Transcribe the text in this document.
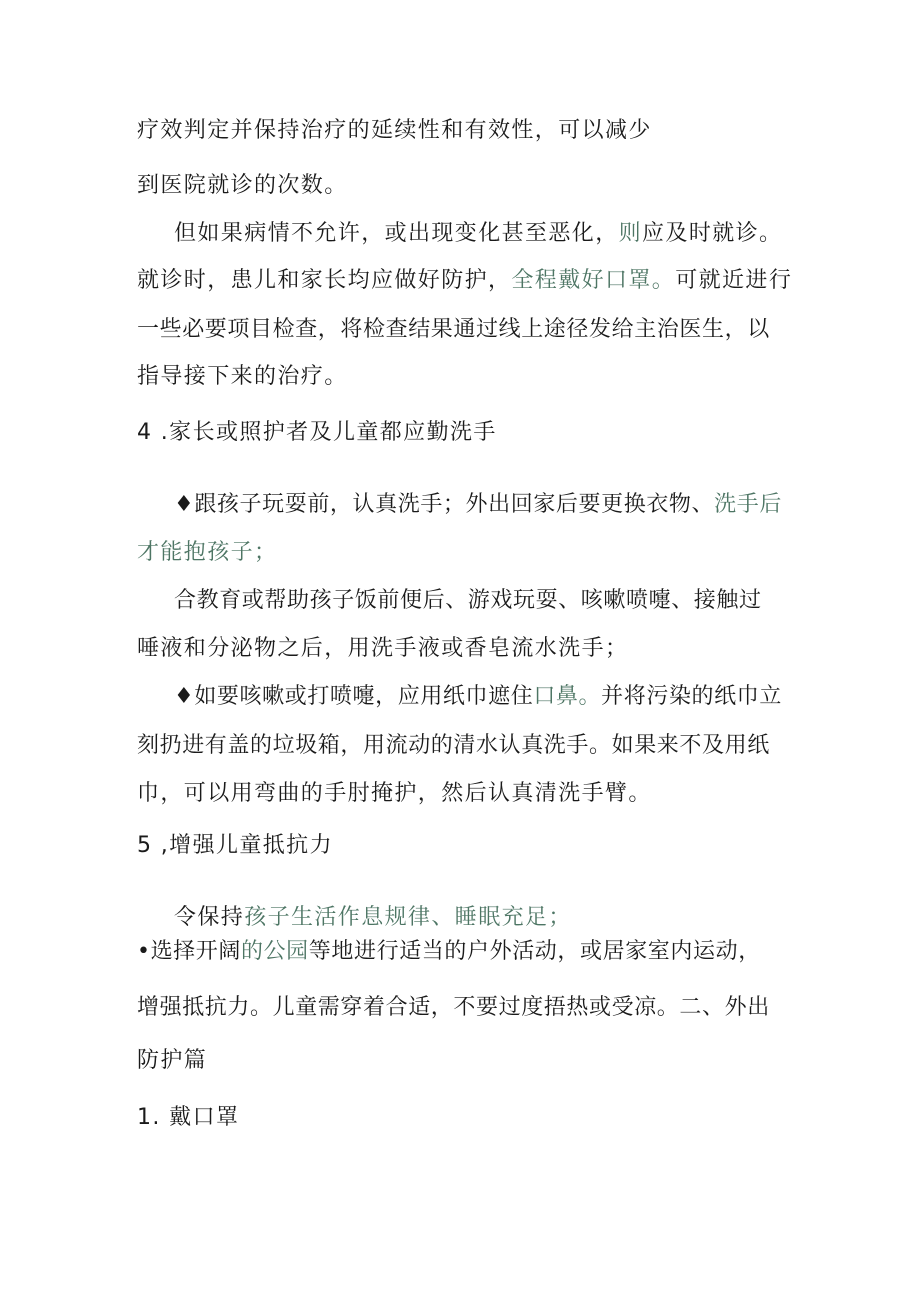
疗效判定并保持治疗的延续性和有效性，可以减少
到医院就诊的次数。
但如果病情不允许，或出现变化甚至恶化，则应及时就诊。
就诊时，患儿和家长均应做好防护，全程戴好口罩。可就近进行
一些必要项目检查，将检查结果通过线上途径发给主治医生，以
指导接下来的治疗。
4 .家长或照护者及儿童都应勤洗手
♦跟孩子玩耍前，认真洗手；外出回家后要更换衣物、洗手后
才能抱孩子；
合教育或帮助孩子饭前便后、游戏玩耍、咳嗽喷嚏、接触过
唾液和分泌物之后，用洗手液或香皂流水洗手；
♦如要咳嗽或打喷嚏，应用纸巾遮住口鼻。并将污染的纸巾立
刻扔进有盖的垃圾箱，用流动的清水认真洗手。如果来不及用纸
巾，可以用弯曲的手肘掩护，然后认真清洗手臂。
5 ,增强儿童抵抗力
令保持孩子生活作息规律、睡眠充足；
•选择开阔的公园等地进行适当的户外活动，或居家室内运动，
增强抵抗力。儿童需穿着合适，不要过度捂热或受凉。二、外出
防护篇
1. 戴口罩
